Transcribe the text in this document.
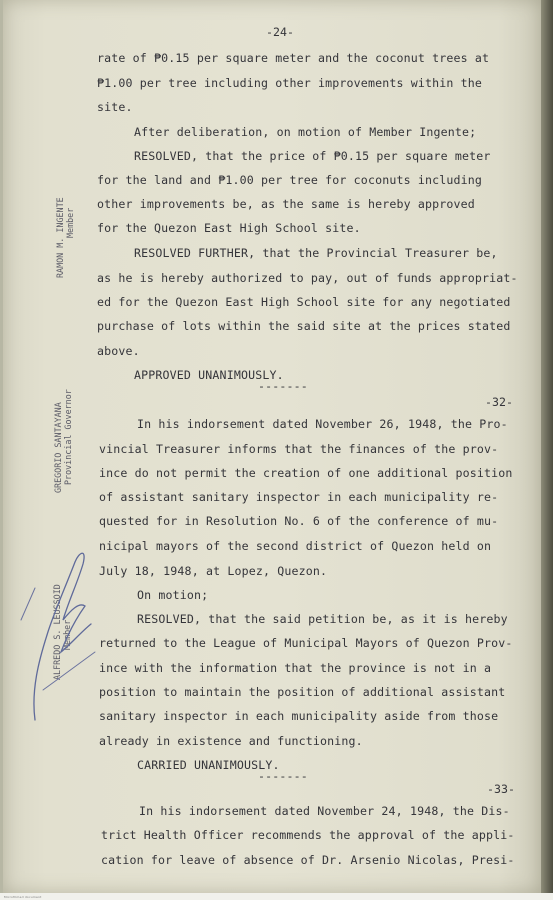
-24-
RAMON M. INGENTE Member
GREGORIO SANTAYANA Provincial Governor
ALFREDO S. LEUSSOID Member
rate of ₱0.15 per square meter and the coconut trees at
₱1.00 per tree including other improvements within the
site.
After deliberation, on motion of Member Ingente;
RESOLVED, that the price of ₱0.15 per square meter
for the land and ₱1.00 per tree for coconuts including
other improvements be, as the same is hereby approved
for the Quezon East High School site.
RESOLVED FURTHER, that the Provincial Treasurer be,
as he is hereby authorized to pay, out of funds appropriat-
ed for the Quezon East High School site for any negotiated
purchase of lots within the said site at the prices stated
above.
APPROVED UNANIMOUSLY.
-------
-32-
In his indorsement dated November 26, 1948, the Pro-
vincial Treasurer informs that the finances of the prov-
ince do not permit the creation of one additional position
of assistant sanitary inspector in each municipality re-
quested for in Resolution No. 6 of the conference of mu-
nicipal mayors of the second district of Quezon held on
July 18, 1948, at Lopez, Quezon.
On motion;
RESOLVED, that the said petition be, as it is hereby
returned to the League of Municipal Mayors of Quezon Prov-
ince with the information that the province is not in a
position to maintain the position of additional assistant
sanitary inspector in each municipality aside from those
already in existence and functioning.
CARRIED UNANIMOUSLY.
-------
-33-
In his indorsement dated November 24, 1948, the Dis-
trict Health Officer recommends the approval of the appli-
cation for leave of absence of Dr. Arsenio Nicolas, Presi-
Microfilmed document
